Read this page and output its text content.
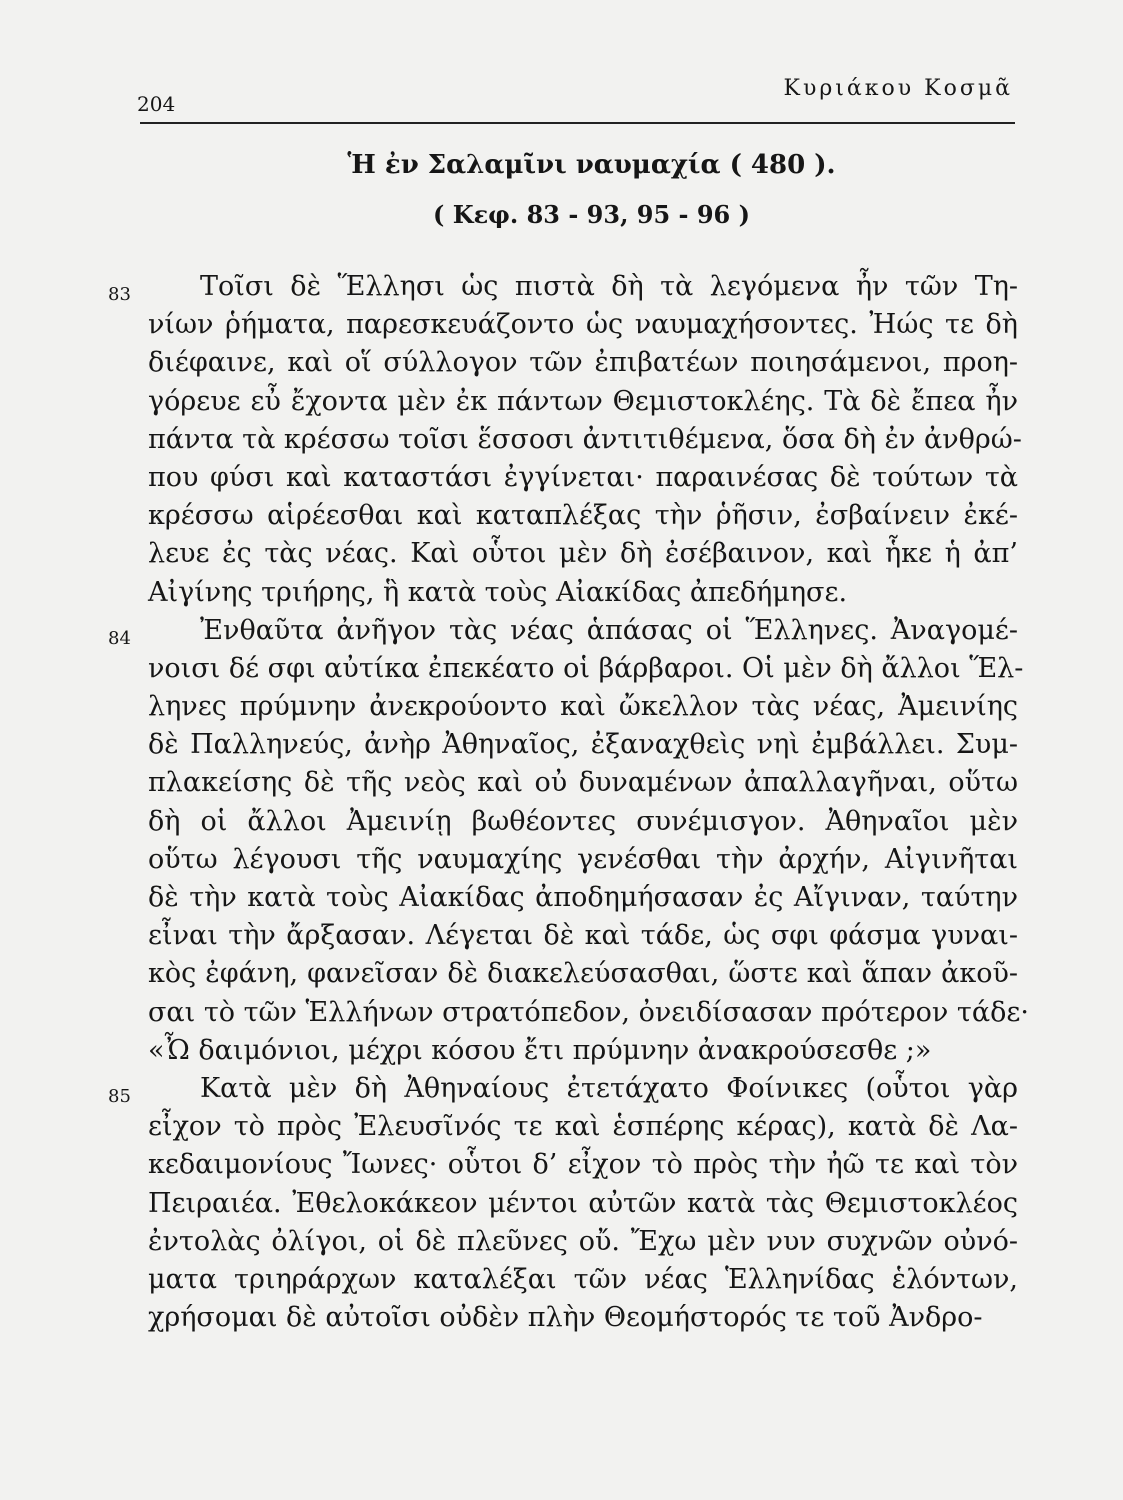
204
Κυριάκου Κοσμᾶ
Ἡ ἐν Σαλαμῖνι ναυμαχία ( 480 ).
( Κεφ. 83 - 93, 95 - 96 )
83	Τοῖσι δὲ Ἕλλησι ὡς πιστὰ δὴ τὰ λεγόμενα ἦν τῶν Τη-
νίων ῥήματα, παρεσκευάζοντο ὡς ναυμαχήσοντες. Ἠώς τε δὴ
διέφαινε, καὶ οἵ σύλλογον τῶν ἐπιβατέων ποιησάμενοι, προη-
γόρευε εὖ ἔχοντα μὲν ἐκ πάντων Θεμιστοκλέης. Τὰ δὲ ἔπεα ἦν
πάντα τὰ κρέσσω τοῖσι ἕσσοσι ἀντιτιθέμενα, ὅσα δὴ ἐν ἀνθρώ-
που φύσι καὶ καταστάσι ἐγγίνεται· παραινέσας δὲ τούτων τὰ
κρέσσω αἱρέεσθαι καὶ καταπλέξας τὴν ῥῆσιν, ἐσβαίνειν ἐκέ-
λευε ἐς τὰς νέας. Καὶ οὗτοι μὲν δὴ ἐσέβαινον, καὶ ἧκε ἡ ἀπ’
Αἰγίνης τριήρης, ἣ κατὰ τοὺς Αἰακίδας ἀπεδήμησε.
84	Ἐνθαῦτα ἀνῆγον τὰς νέας ἁπάσας οἱ Ἕλληνες. Ἀναγομέ-
νοισι δέ σφι αὐτίκα ἐπεκέατο οἱ βάρβαροι. Οἱ μὲν δὴ ἄλλοι Ἕλ-
ληνες πρύμνην ἀνεκρούοντο καὶ ὤκελλον τὰς νέας, Ἀμεινίης
δὲ Παλληνεύς, ἀνὴρ Ἀθηναῖος, ἐξαναχθεὶς νηὶ ἐμβάλλει. Συμ-
πλακείσης δὲ τῆς νεὸς καὶ οὐ δυναμένων ἀπαλλαγῆναι, οὕτω
δὴ οἱ ἄλλοι Ἀμεινίῃ βωθέοντες συνέμισγον. Ἀθηναῖοι μὲν
οὕτω λέγουσι τῆς ναυμαχίης γενέσθαι τὴν ἀρχήν, Αἰγινῆται
δὲ τὴν κατὰ τοὺς Αἰακίδας ἀποδημήσασαν ἐς Αἴγιναν, ταύτην
εἶναι τὴν ἄρξασαν. Λέγεται δὲ καὶ τάδε, ὡς σφι φάσμα γυναι-
κὸς ἐφάνη, φανεῖσαν δὲ διακελεύσασθαι, ὥστε καὶ ἅπαν ἀκοῦ-
σαι τὸ τῶν Ἑλλήνων στρατόπεδον, ὀνειδίσασαν πρότερον τάδε·
«Ὦ δαιμόνιοι, μέχρι κόσου ἔτι πρύμνην ἀνακρούσεσθε ;»
85	Κατὰ μὲν δὴ Ἀθηναίους ἐτετάχατο Φοίνικες (οὗτοι γὰρ
εἶχον τὸ πρὸς Ἐλευσῖνός τε καὶ ἑσπέρης κέρας), κατὰ δὲ Λα-
κεδαιμονίους Ἴωνες· οὗτοι δ’ εἶχον τὸ πρὸς τὴν ἠῶ τε καὶ τὸν
Πειραιέα. Ἐθελοκάκεον μέντοι αὐτῶν κατὰ τὰς Θεμιστοκλέος
ἐντολὰς ὀλίγοι, οἱ δὲ πλεῦνες οὔ. Ἔχω μὲν νυν συχνῶν οὐνό-
ματα τριηράρχων καταλέξαι τῶν νέας Ἑλληνίδας ἑλόντων,
χρήσομαι δὲ αὐτοῖσι οὐδὲν πλὴν Θεομήστορός τε τοῦ Ἀνδρο-
